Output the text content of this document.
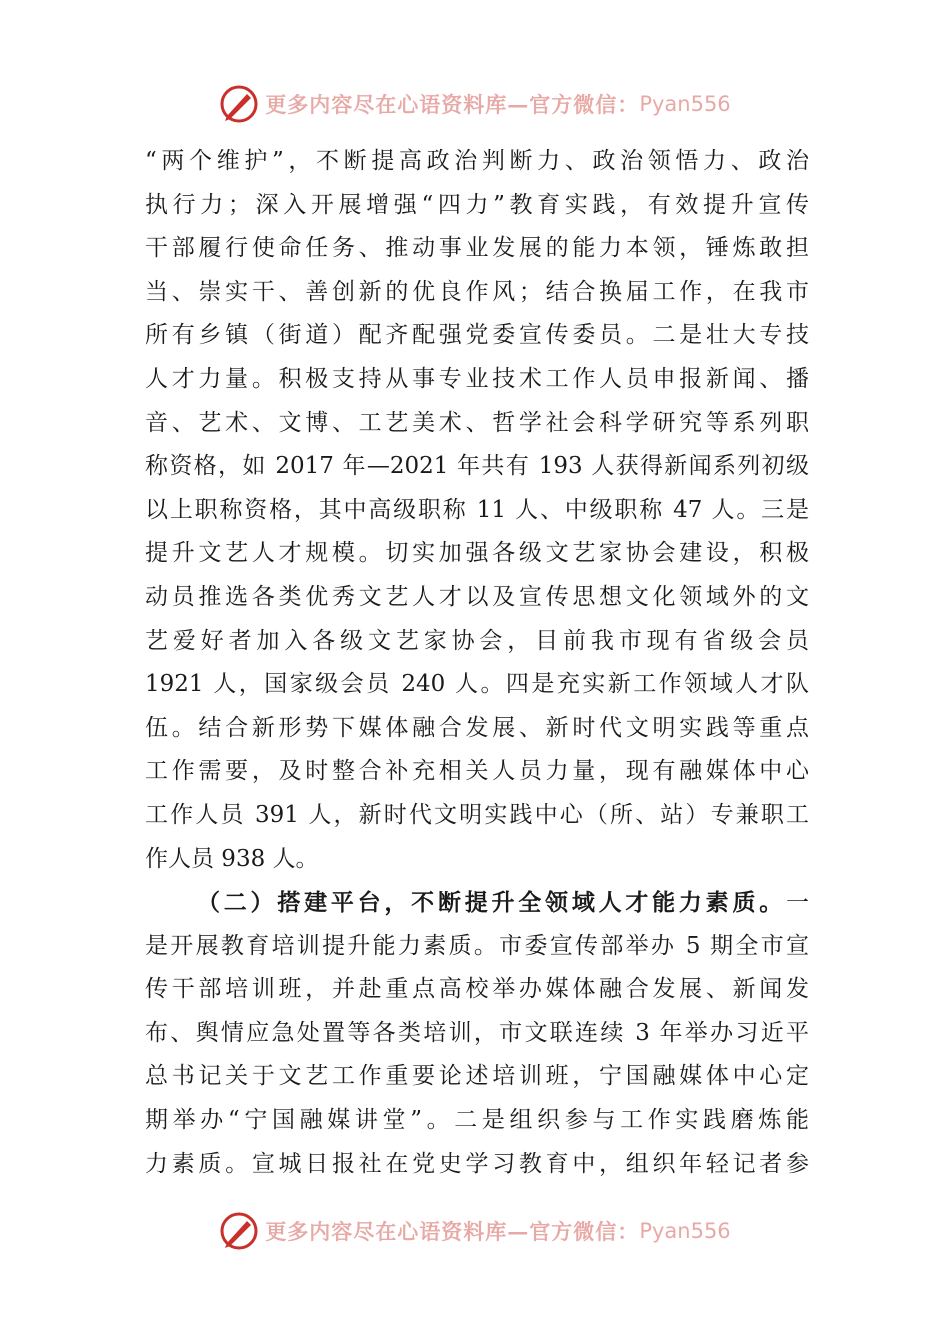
更多内容尽在心语资料库—官方微信： Pyan556
“两个维护”，不断提高政治判断力、政治领悟力、政治
执行力；深入开展增强“四力”教育实践，有效提升宣传
干部履行使命任务、推动事业发展的能力本领，锤炼敢担
当、崇实干、善创新的优良作风；结合换届工作，在我市
所有乡镇（街道）配齐配强党委宣传委员。二是壮大专技
人才力量。积极支持从事专业技术工作人员申报新闻、播
音、艺术、文博、工艺美术、哲学社会科学研究等系列职
称资格，如 2017 年—2021 年共有 193 人获得新闻系列初级
以上职称资格，其中高级职称 11 人、中级职称 47 人。三是
提升文艺人才规模。切实加强各级文艺家协会建设，积极
动员推选各类优秀文艺人才以及宣传思想文化领域外的文
艺爱好者加入各级文艺家协会，目前我市现有省级会员
1921 人，国家级会员 240 人。四是充实新工作领域人才队
伍。结合新形势下媒体融合发展、新时代文明实践等重点
工作需要，及时整合补充相关人员力量，现有融媒体中心
工作人员 391 人，新时代文明实践中心（所、站）专兼职工
作人员 938 人。
（二）搭建平台，不断提升全领域人才能力素质。一
是开展教育培训提升能力素质。市委宣传部举办 5 期全市宣
传干部培训班，并赴重点高校举办媒体融合发展、新闻发
布、舆情应急处置等各类培训，市文联连续 3 年举办习近平
总书记关于文艺工作重要论述培训班，宁国融媒体中心定
期举办“宁国融媒讲堂”。二是组织参与工作实践磨炼能
力素质。宣城日报社在党史学习教育中，组织年轻记者参
更多内容尽在心语资料库—官方微信： Pyan556
